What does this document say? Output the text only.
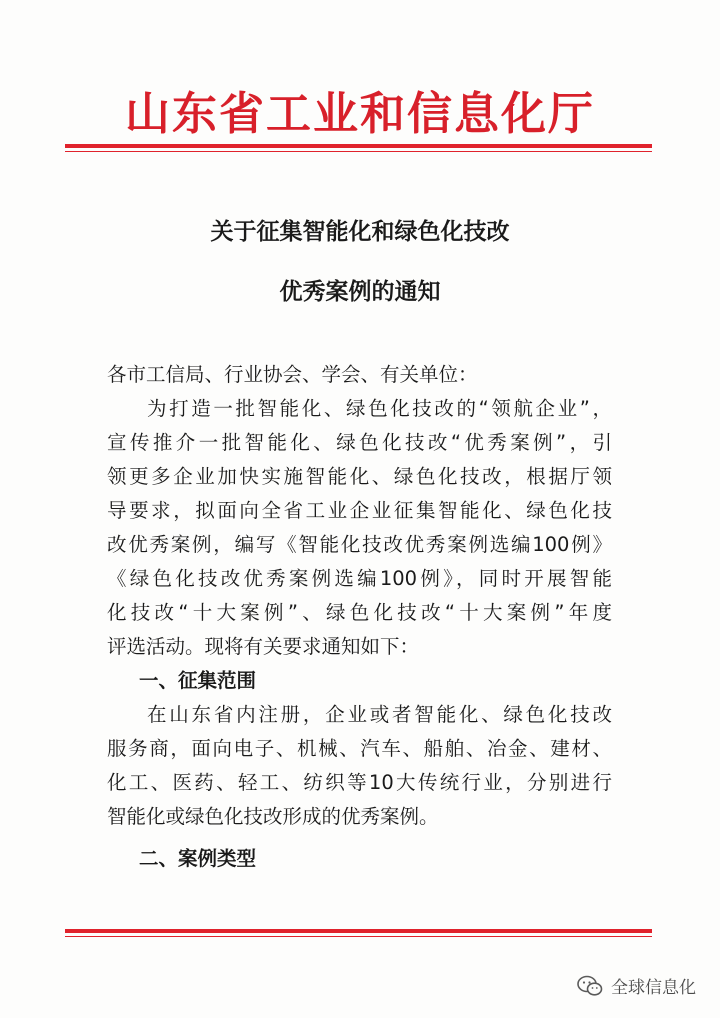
山东省工业和信息化厅
关于征集智能化和绿色化技改
优秀案例的通知
各市工信局、行业协会、学会、有关单位：
为打造一批智能化、绿色化技改的“领航企业”，
宣传推介一批智能化、绿色化技改“优秀案例”，引
领更多企业加快实施智能化、绿色化技改，根据厅领
导要求，拟面向全省工业企业征集智能化、绿色化技
改优秀案例，编写《智能化技改优秀案例选编100例》
《绿色化技改优秀案例选编100例》，同时开展智能
化技改“十大案例”、绿色化技改“十大案例”年度
评选活动。现将有关要求通知如下：
一、征集范围
在山东省内注册，企业或者智能化、绿色化技改
服务商，面向电子、机械、汽车、船舶、冶金、建材、
化工、医药、轻工、纺织等10大传统行业，分别进行
智能化或绿色化技改形成的优秀案例。
二、案例类型
全球信息化
